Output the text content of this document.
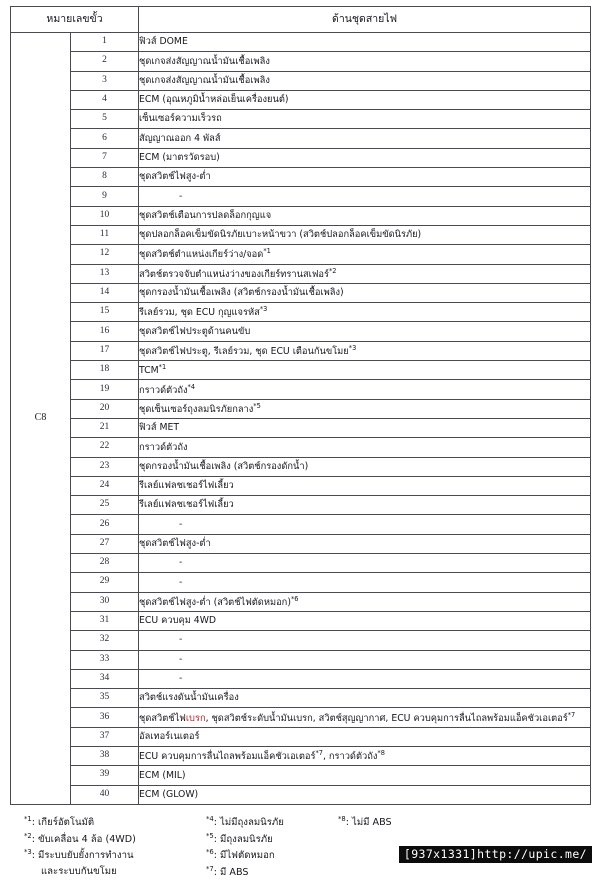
หมายเลขขั้ว		ด้านชุดสายไฟ
C8	1	ฟิวส์ DOME
	2	ชุดเกจส่งสัญญาณน้ำมันเชื้อเพลิง
	3	ชุดเกจส่งสัญญาณน้ำมันเชื้อเพลิง
	4	ECM (อุณหภูมิน้ำหล่อเย็นเครื่องยนต์)
	5	เซ็นเซอร์ความเร็วรถ
	6	สัญญาณออก 4 พัลส์
	7	ECM (มาตรวัดรอบ)
	8	ชุดสวิตช์ไฟสูง-ต่ำ
	9	-
	10	ชุดสวิตช์เตือนการปลดล็อกกุญแจ
	11	ชุดปลอกล็อคเข็มขัดนิรภัยเบาะหน้าขวา (สวิตช์ปลอกล็อคเข็มขัดนิรภัย)
	12	ชุดสวิตช์ตำแหน่งเกียร์ว่าง/จอด$^{*1}$
	13	สวิตช์ตรวจจับตำแหน่งว่างของเกียร์ทรานสเฟอร์$^{*2}$
	14	ชุดกรองน้ำมันเชื้อเพลิง (สวิตช์กรองน้ำมันเชื้อเพลิง)
	15	รีเลย์รวม, ชุด ECU กุญแจรหัส$^{*3}$
	16	ชุดสวิตช์ไฟประตูด้านคนขับ
	17	ชุดสวิตช์ไฟประตู, รีเลย์รวม, ชุด ECU เตือนกันขโมย$^{*3}$
	18	TCM$^{*1}$
	19	กราวด์ตัวถัง$^{*4}$
	20	ชุดเซ็นเซอร์ถุงลมนิรภัยกลาง$^{*5}$
	21	ฟิวส์ MET
	22	กราวด์ตัวถัง
	23	ชุดกรองน้ำมันเชื้อเพลิง (สวิตช์กรองดักน้ำ)
	24	รีเลย์แฟลชเชอร์ไฟเลี้ยว
	25	รีเลย์แฟลชเชอร์ไฟเลี้ยว
	26	-
	27	ชุดสวิตช์ไฟสูง-ต่ำ
	28	-
	29	-
	30	ชุดสวิตช์ไฟสูง-ต่ำ (สวิตช์ไฟตัดหมอก)$^{*6}$
	31	ECU ควบคุม 4WD
	32	-
	33	-
	34	-
	35	สวิตช์แรงดันน้ำมันเครื่อง
	36	ชุดสวิตช์ไฟเบรก, ชุดสวิตช์ระดับน้ำมันเบรก, สวิตช์สุญญากาศ, ECU ควบคุมการลื่นไถลพร้อมแอ็คชัวเอเตอร์$^{*7}$
	37	อัลเทอร์เนเตอร์
	38	ECU ควบคุมการลื่นไถลพร้อมแอ็คชัวเอเตอร์$^{*7}$, กราวด์ตัวถัง$^{*8}$
	39	ECM (MIL)
	40	ECM (GLOW)
$^{*1}$: เกียร์อัตโนมัติ
$^{*2}$: ขับเคลื่อน 4 ล้อ (4WD)
$^{*3}$: มีระบบยับยั้งการทำงาน
และระบบกันขโมย
$^{*4}$: ไม่มีถุงลมนิรภัย
$^{*5}$: มีถุงลมนิรภัย
$^{*6}$: มีไฟตัดหมอก
$^{*7}$: มี ABS
$^{*8}$: ไม่มี ABS
[937x1331]http://upic.me/
